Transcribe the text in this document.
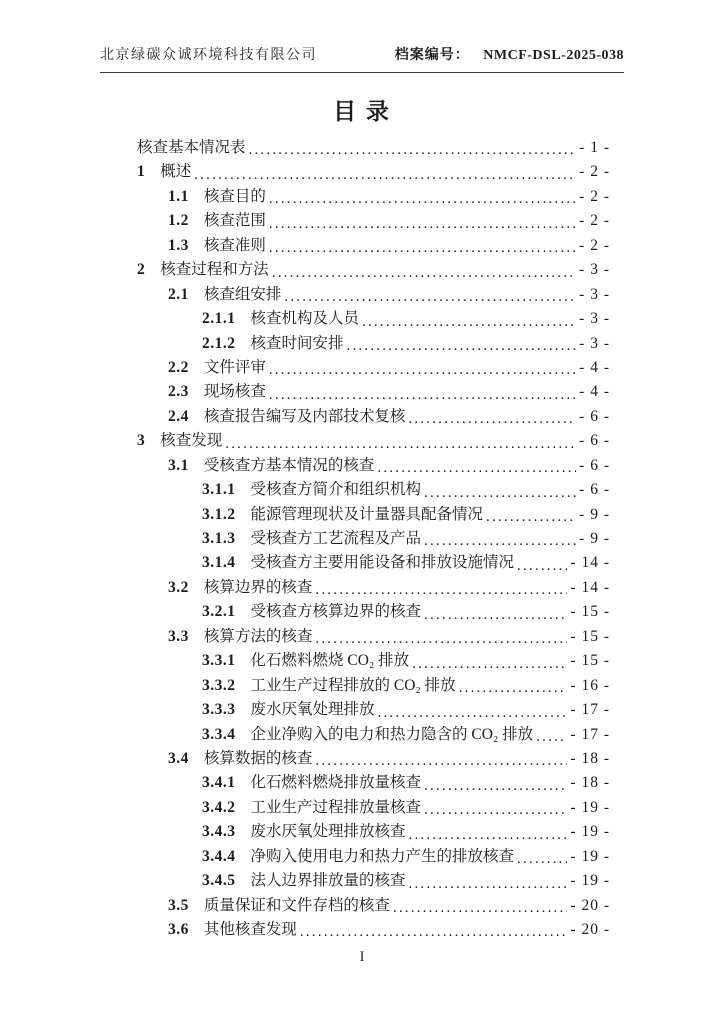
北京绿碳众诚环境科技有限公司	档案编号： NMCF-DSL-2025-038
目 录
核查基本情况表 .....	- 1 -
1 概述 .....	- 2 -
1.1 核查目的 .....	- 2 -
1.2 核查范围 .....	- 2 -
1.3 核查准则 .....	- 2 -
2 核查过程和方法 .....	- 3 -
2.1 核查组安排 .....	- 3 -
2.1.1 核查机构及人员 .....	- 3 -
2.1.2 核查时间安排 .....	- 3 -
2.2 文件评审 .....	- 4 -
2.3 现场核查 .....	- 4 -
2.4 核查报告编写及内部技术复核 .....	- 6 -
3 核查发现 .....	- 6 -
3.1 受核查方基本情况的核查 .....	- 6 -
3.1.1 受核查方简介和组织机构 .....	- 6 -
3.1.2 能源管理现状及计量器具配备情况 .....	- 9 -
3.1.3 受核查方工艺流程及产品 .....	- 9 -
3.1.4 受核查方主要用能设备和排放设施情况 .....	- 14 -
3.2 核算边界的核查 .....	- 14 -
3.2.1 受核查方核算边界的核查 .....	- 15 -
3.3 核算方法的核查 .....	- 15 -
3.3.1 化石燃料燃烧 CO₂ 排放 .....	- 15 -
3.3.2 工业生产过程排放的 CO₂ 排放 .....	- 16 -
3.3.3 废水厌氧处理排放 .....	- 17 -
3.3.4 企业净购入的电力和热力隐含的 CO₂ 排放 ..... - 17 -
3.4 核算数据的核查 .....	- 18 -
3.4.1 化石燃料燃烧排放量核查 .....	- 18 -
3.4.2 工业生产过程排放量核查 .....	- 19 -
3.4.3 废水厌氧处理排放核查 .....	- 19 -
3.4.4 净购入使用电力和热力产生的排放核查 .....	- 19 -
3.4.5 法人边界排放量的核查 .....	- 19 -
3.5 质量保证和文件存档的核查 .....	- 20 -
3.6 其他核查发现 .....	- 20 -
I
